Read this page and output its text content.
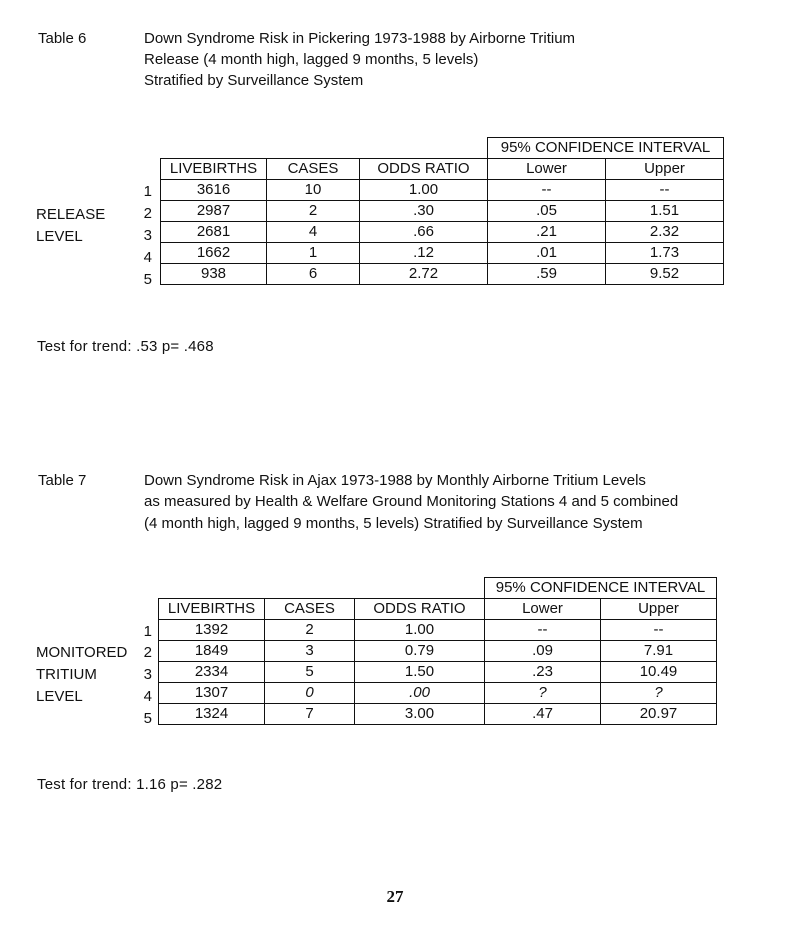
Table 6	Down Syndrome Risk in Pickering 1973-1988 by Airborne Tritium
Release (4 month high, lagged 9 months, 5 levels)
Stratified by Surveillance System
RELEASE
LEVEL
1
2
3
4
5
			95% CONFIDENCE INTERVAL	
LIVEBIRTHS	CASES	ODDS RATIO	Lower	Upper
3616	10	1.00	--	--
2987	2	.30	.05	1.51
2681	4	.66	.21	2.32
1662	1	.12	.01	1.73
938	6	2.72	.59	9.52
Test for trend: .53 p= .468
Table 7	Down Syndrome Risk in Ajax 1973-1988 by Monthly Airborne Tritium Levels
as measured by Health & Welfare Ground Monitoring Stations 4 and 5 combined
(4 month high, lagged 9 months, 5 levels) Stratified by Surveillance System
MONITORED
TRITIUM
LEVEL
1
2
3
4
5
			95% CONFIDENCE INTERVAL	
LIVEBIRTHS	CASES	ODDS RATIO	Lower	Upper
1392	2	1.00	--	--
1849	3	0.79	.09	7.91
2334	5	1.50	.23	10.49
1307	0	.00	?	?
1324	7	3.00	.47	20.97
Test for trend: 1.16 p= .282
27
